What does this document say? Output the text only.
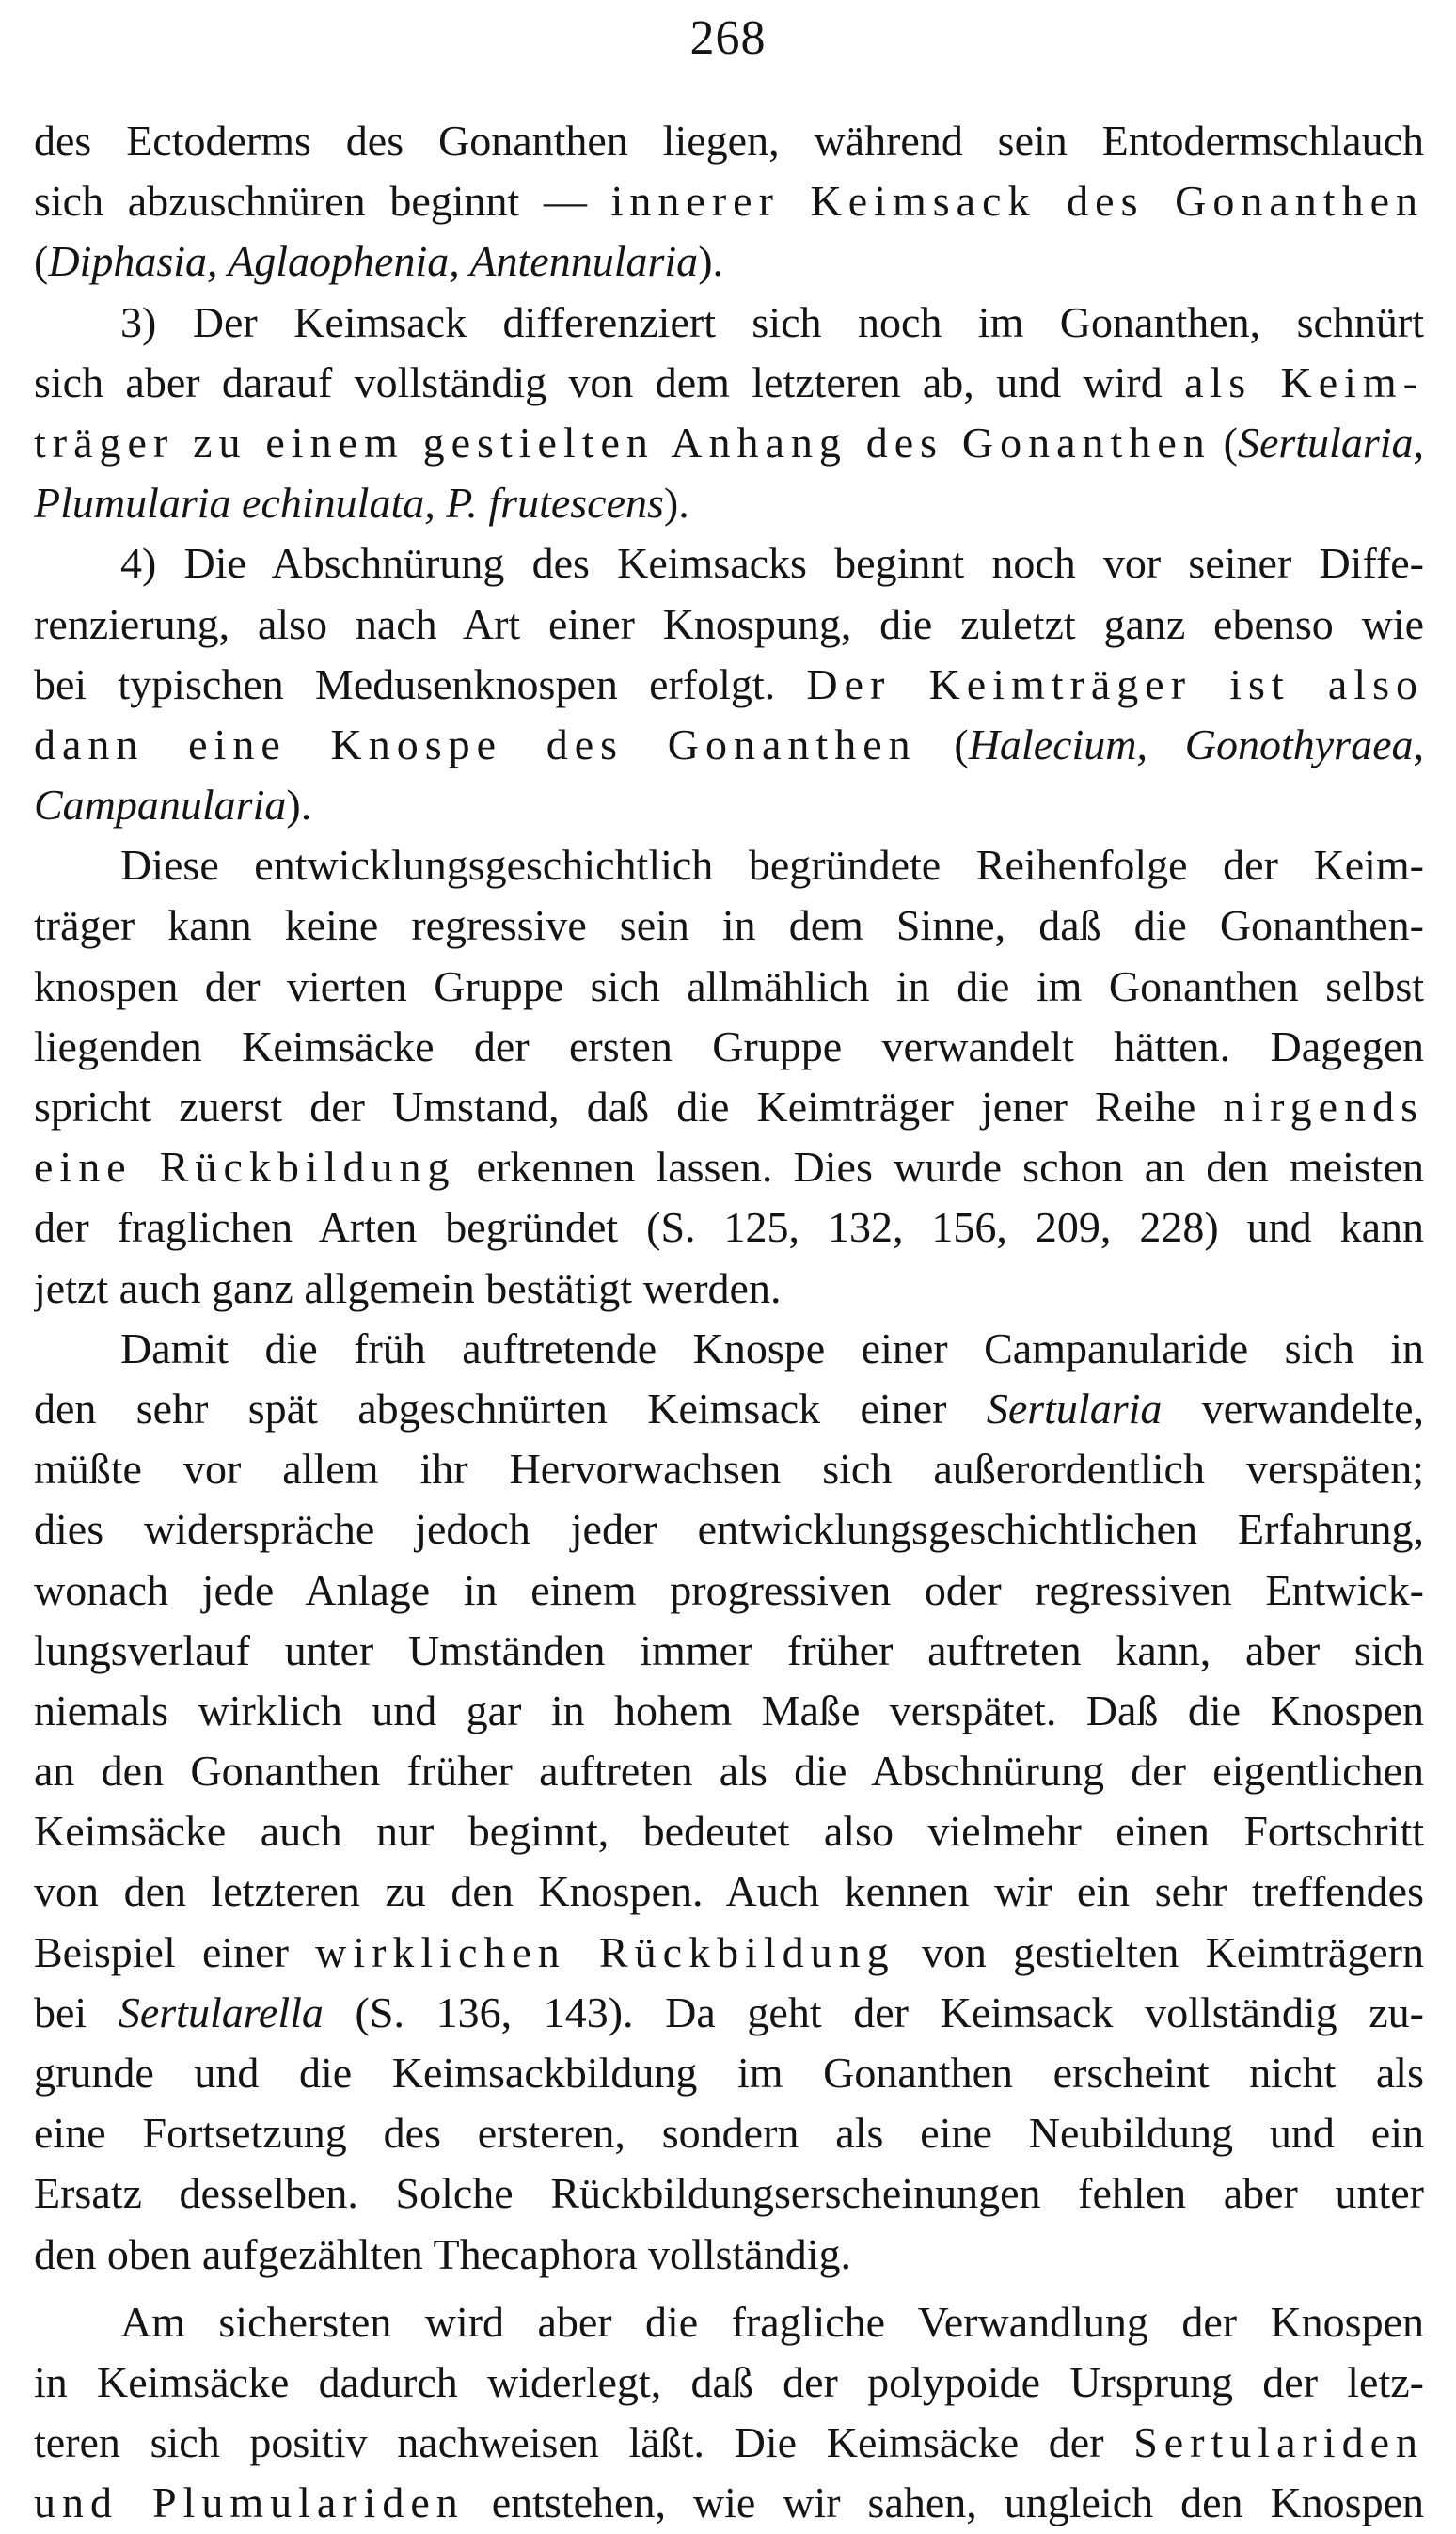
268
des Ectoderms des Gonanthen liegen, während sein Entodermschlauch
sich abzuschnüren beginnt — innerer Keimsack des Gonanthen
(Diphasia, Aglaophenia, Antennularia).
3) Der Keimsack differenziert sich noch im Gonanthen, schnürt
sich aber darauf vollständig von dem letzteren ab, und wird als Keim-
träger zu einem gestielten Anhang des Gonanthen (Sertularia,
Plumularia echinulata, P. frutescens).
4) Die Abschnürung des Keimsacks beginnt noch vor seiner Diffe-
renzierung, also nach Art einer Knospung, die zuletzt ganz ebenso wie
bei typischen Medusenknospen erfolgt. Der Keimträger ist also
dann eine Knospe des Gonanthen (Halecium, Gonothyraea,
Campanularia).
Diese entwicklungsgeschichtlich begründete Reihenfolge der Keim-
träger kann keine regressive sein in dem Sinne, daß die Gonanthen-
knospen der vierten Gruppe sich allmählich in die im Gonanthen selbst
liegenden Keimsäcke der ersten Gruppe verwandelt hätten. Dagegen
spricht zuerst der Umstand, daß die Keimträger jener Reihe nirgends
eine Rückbildung erkennen lassen. Dies wurde schon an den meisten
der fraglichen Arten begründet (S. 125, 132, 156, 209, 228) und kann
jetzt auch ganz allgemein bestätigt werden.
Damit die früh auftretende Knospe einer Campanularide sich in
den sehr spät abgeschnürten Keimsack einer Sertularia verwandelte,
müßte vor allem ihr Hervorwachsen sich außerordentlich verspäten;
dies widerspräche jedoch jeder entwicklungsgeschichtlichen Erfahrung,
wonach jede Anlage in einem progressiven oder regressiven Entwick-
lungsverlauf unter Umständen immer früher auftreten kann, aber sich
niemals wirklich und gar in hohem Maße verspätet. Daß die Knospen
an den Gonanthen früher auftreten als die Abschnürung der eigentlichen
Keimsäcke auch nur beginnt, bedeutet also vielmehr einen Fortschritt
von den letzteren zu den Knospen. Auch kennen wir ein sehr treffendes
Beispiel einer wirklichen Rückbildung von gestielten Keimträgern
bei Sertularella (S. 136, 143). Da geht der Keimsack vollständig zu-
grunde und die Keimsackbildung im Gonanthen erscheint nicht als
eine Fortsetzung des ersteren, sondern als eine Neubildung und ein
Ersatz desselben. Solche Rückbildungserscheinungen fehlen aber unter
den oben aufgezählten Thecaphora vollständig.
Am sichersten wird aber die fragliche Verwandlung der Knospen
in Keimsäcke dadurch widerlegt, daß der polypoide Ursprung der letz-
teren sich positiv nachweisen läßt. Die Keimsäcke der Sertulariden
und Plumulariden entstehen, wie wir sahen, ungleich den Knospen
